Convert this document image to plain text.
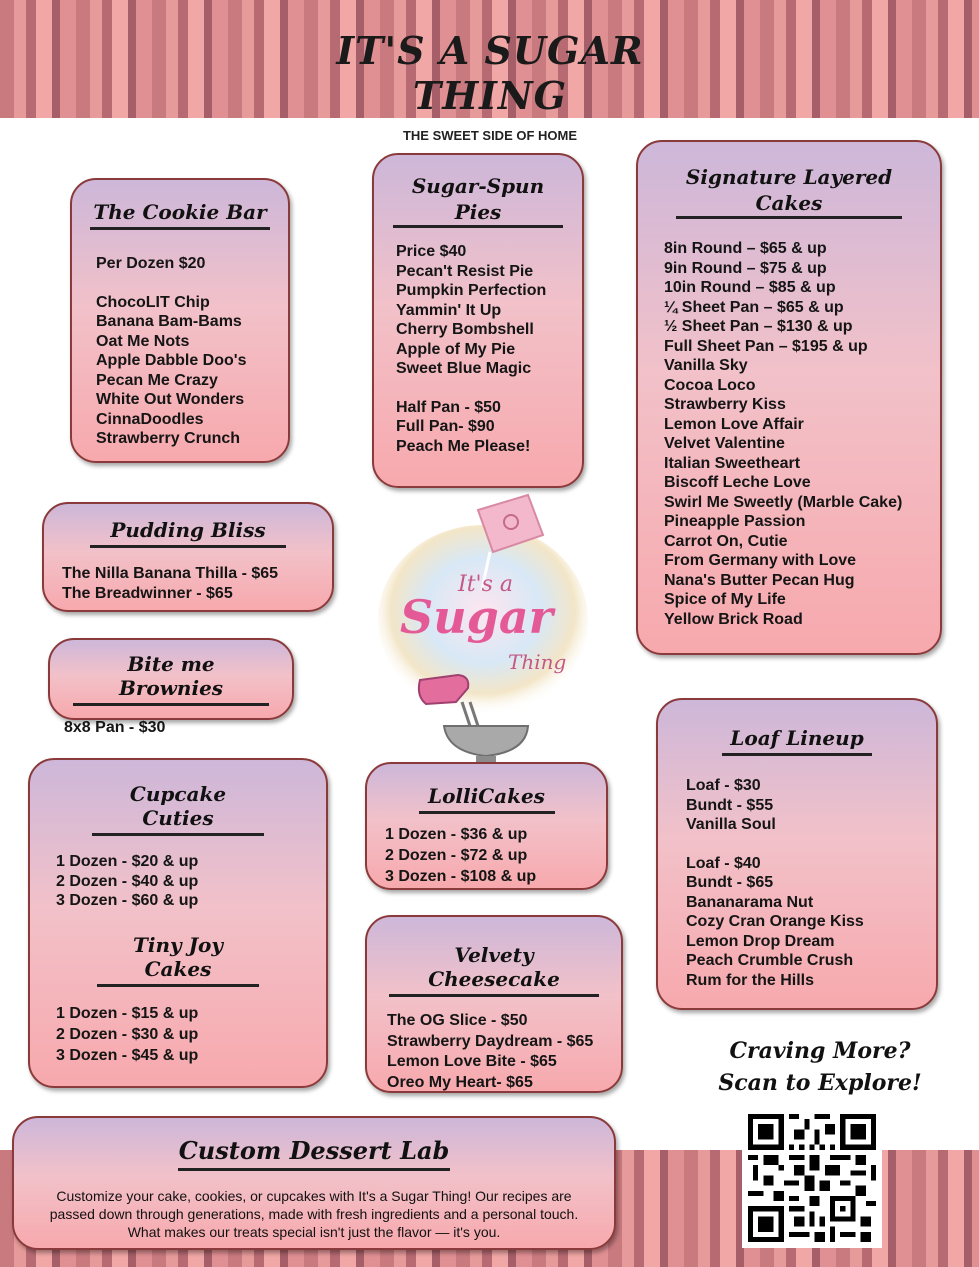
IT'S A SUGAR THING
THE SWEET SIDE OF HOME
The Cookie Bar
Per Dozen $20
ChocoLIT Chip
Banana Bam-Bams
Oat Me Nots
Apple Dabble Doo's
Pecan Me Crazy
White Out Wonders
CinnaDoodles
Strawberry Crunch
Sugar-Spun
Pies
Price $40
Pecan't Resist Pie
Pumpkin Perfection
Yammin' It Up
Cherry Bombshell
Apple of My Pie
Sweet Blue Magic
Half Pan - $50
Full Pan- $90
Peach Me Please!
Signature Layered
Cakes
8in Round – $65 & up
9in Round – $75 & up
10in Round – $85 & up
¼ Sheet Pan – $65 & up
½ Sheet Pan – $130 & up
Full Sheet Pan – $195 & up
Vanilla Sky
Cocoa Loco
Strawberry Kiss
Lemon Love Affair
Velvet Valentine
Italian Sweetheart
Biscoff Leche Love
Swirl Me Sweetly (Marble Cake)
Pineapple Passion
Carrot On, Cutie
From Germany with Love
Nana's Butter Pecan Hug
Spice of My Life
Yellow Brick Road
Pudding Bliss
The Nilla Banana Thilla - $65
The Breadwinner - $65
Bite me Brownies
8x8 Pan - $30
It's a
Sugar
Thing
Cupcake Cuties
1 Dozen - $20 & up
2 Dozen - $40 & up
3 Dozen - $60 & up
Tiny Joy Cakes
1 Dozen - $15 & up
2 Dozen - $30 & up
3 Dozen - $45 & up
LolliCakes
1 Dozen - $36 & up
2 Dozen - $72 & up
3 Dozen - $108 & up
Loaf Lineup
Loaf - $30
Bundt - $55
Vanilla Soul
Loaf - $40
Bundt - $65
Bananarama Nut
Cozy Cran Orange Kiss
Lemon Drop Dream
Peach Crumble Crush
Rum for the Hills
Velvety Cheesecake
The OG Slice - $50
Strawberry Daydream - $65
Lemon Love Bite - $65
Oreo My Heart- $65
Craving More?
Scan to Explore!
Custom Dessert Lab
Customize your cake, cookies, or cupcakes with It's a Sugar Thing! Our recipes are passed down through generations, made with fresh ingredients and a personal touch. What makes our treats special isn't just the flavor — it's you.
